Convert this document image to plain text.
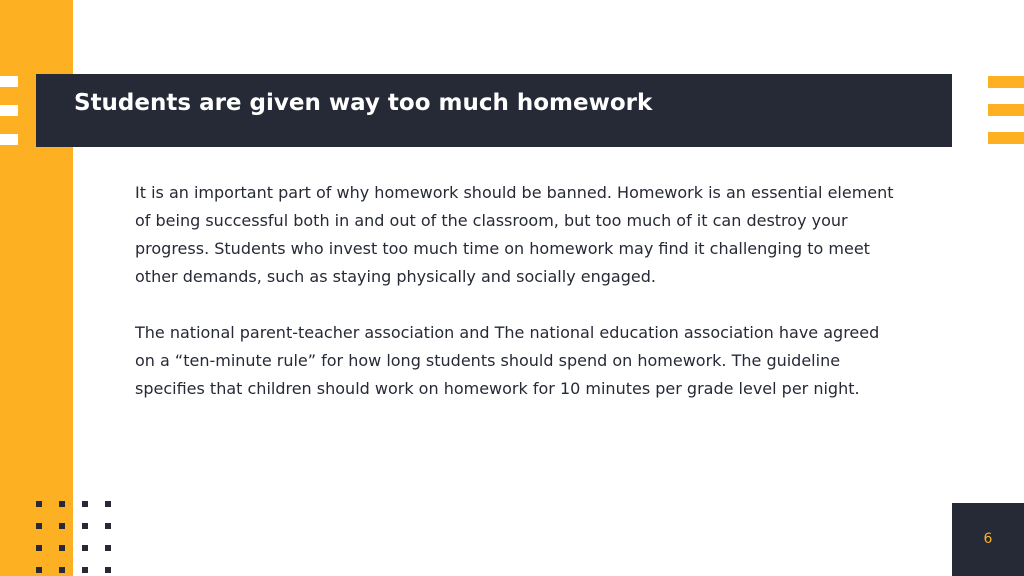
Students are given way too much homework

It is an important part of why homework should be banned. Homework is an essential element of being successful both in and out of the classroom, but too much of it can destroy your progress. Students who invest too much time on homework may find it challenging to meet other demands, such as staying physically and socially engaged.

The national parent-teacher association and The national education association have agreed on a “ten-minute rule” for how long students should spend on homework. The guideline specifies that children should work on homework for 10 minutes per grade level per night.

6
